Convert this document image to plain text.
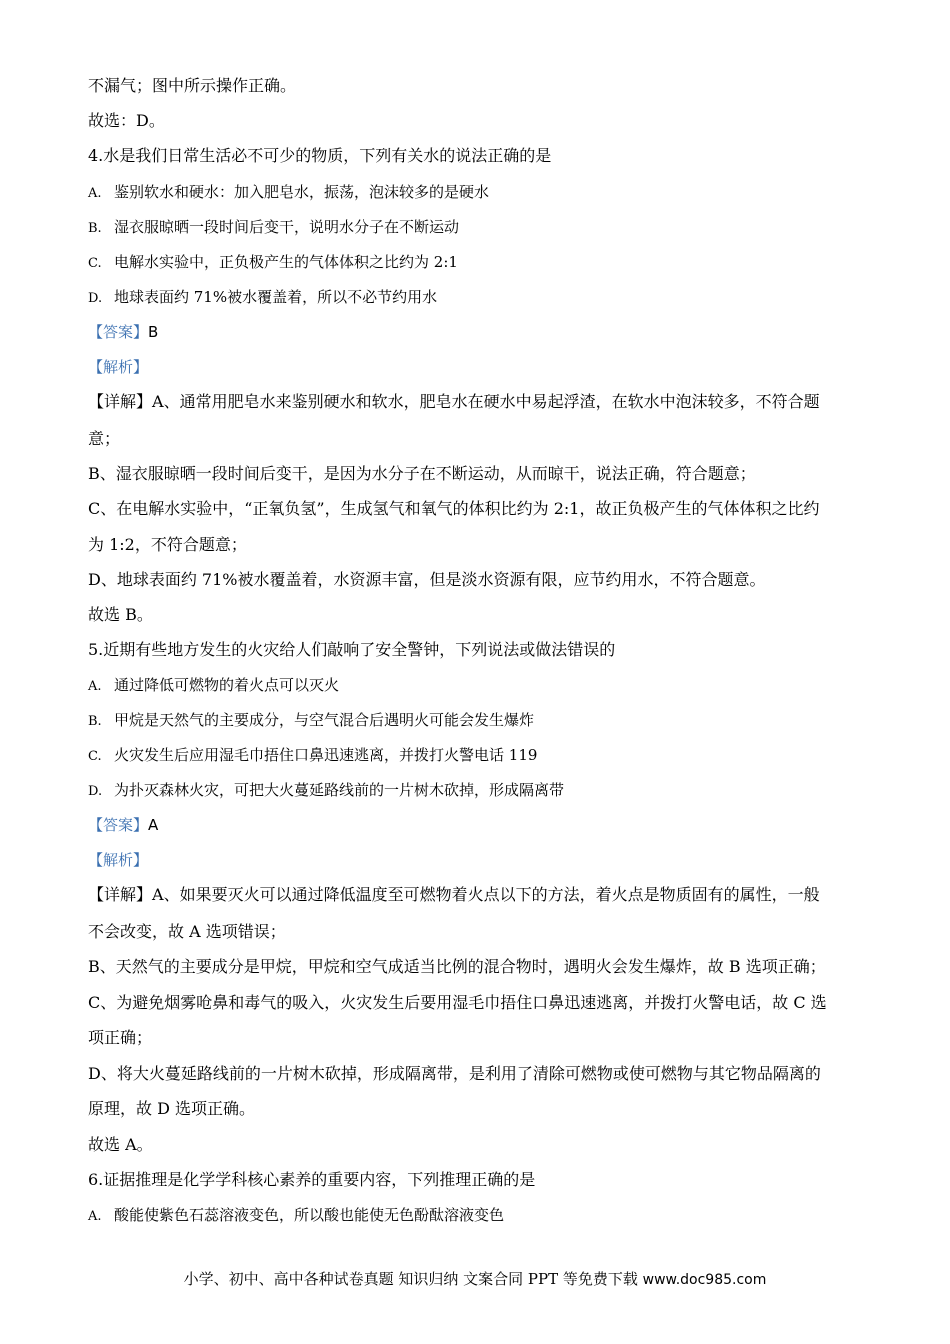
不漏气；图中所示操作正确。
故选：D。
4.水是我们日常生活必不可少的物质，下列有关水的说法正确的是
A. 鉴别软水和硬水：加入肥皂水，振荡，泡沫较多的是硬水
B. 湿衣服晾晒一段时间后变干，说明水分子在不断运动
C. 电解水实验中，正负极产生的气体体积之比约为 2:1
D. 地球表面约 71%被水覆盖着，所以不必节约用水
【答案】B
【解析】
【详解】A、通常用肥皂水来鉴别硬水和软水，肥皂水在硬水中易起浮渣，在软水中泡沫较多，不符合题
意；
B、湿衣服晾晒一段时间后变干，是因为水分子在不断运动，从而晾干，说法正确，符合题意；
C、在电解水实验中，“正氧负氢”，生成氢气和氧气的体积比约为 2:1，故正负极产生的气体体积之比约
为 1:2，不符合题意；
D、地球表面约 71%被水覆盖着，水资源丰富，但是淡水资源有限，应节约用水，不符合题意。
故选 B。
5.近期有些地方发生的火灾给人们敲响了安全警钟，下列说法或做法错误的
A. 通过降低可燃物的着火点可以灭火
B. 甲烷是天然气的主要成分，与空气混合后遇明火可能会发生爆炸
C. 火灾发生后应用湿毛巾捂住口鼻迅速逃离，并拨打火警电话 119
D. 为扑灭森林火灾，可把大火蔓延路线前的一片树木砍掉，形成隔离带
【答案】A
【解析】
【详解】A、如果要灭火可以通过降低温度至可燃物着火点以下的方法，着火点是物质固有的属性，一般
不会改变，故 A 选项错误；
B、天然气的主要成分是甲烷，甲烷和空气成适当比例的混合物时，遇明火会发生爆炸，故 B 选项正确；
C、为避免烟雾呛鼻和毒气的吸入，火灾发生后要用湿毛巾捂住口鼻迅速逃离，并拨打火警电话，故 C 选
项正确；
D、将大火蔓延路线前的一片树木砍掉，形成隔离带，是利用了清除可燃物或使可燃物与其它物品隔离的
原理，故 D 选项正确。
故选 A。
6.证据推理是化学学科核心素养的重要内容，下列推理正确的是
A. 酸能使紫色石蕊溶液变色，所以酸也能使无色酚酞溶液变色
小学、初中、高中各种试卷真题 知识归纳 文案合同 PPT 等免费下载 www.doc985.com
